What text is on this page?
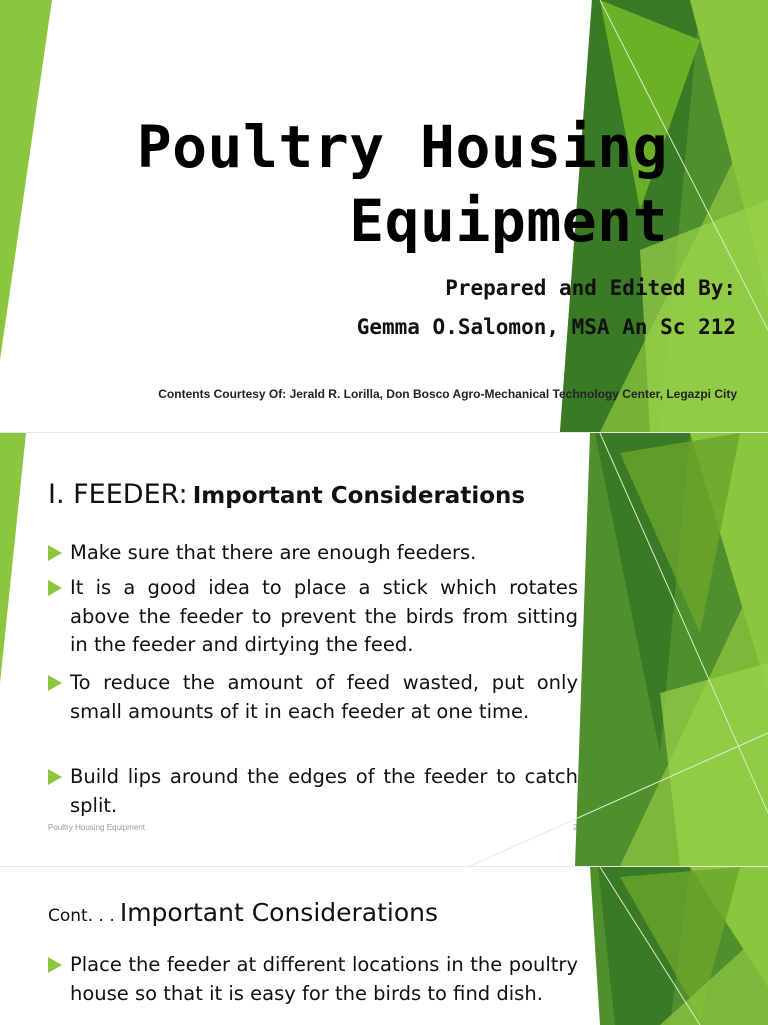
Poultry Housing
Equipment
Prepared and Edited By:
Gemma O.Salomon, MSA An Sc 212
Contents Courtesy Of: Jerald R. Lorilla, Don Bosco Agro-Mechanical Technology Center, Legazpi City
I. FEEDER: Important Considerations
Make sure that there are enough feeders.
It is a good idea to place a stick which rotates above the feeder to prevent the birds from sitting in the feeder and dirtying the feed.
To reduce the amount of feed wasted, put only small amounts of it in each feeder at one time.
Build lips around the edges of the feeder to catch split.
Poultry Housing Equipment	2
Cont. . . Important Considerations
Place the feeder at different locations in the poultry house so that it is easy for the birds to find dish.
